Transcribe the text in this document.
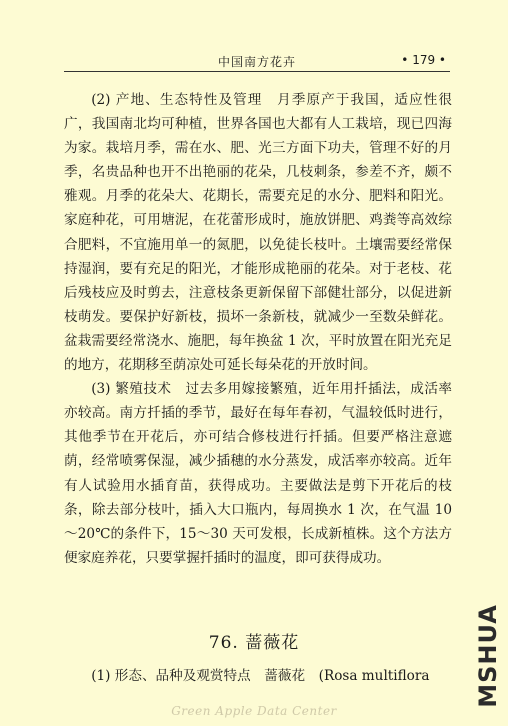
中国南方花卉	• 179 •

(2) 产地、生态特性及管理　月季原产于我国，适应性很广，我国南北均可种植，世界各国也大都有人工栽培，现已四海为家。栽培月季，需在水、肥、光三方面下功夫，管理不好的月季，名贵品种也开不出艳丽的花朵，几枝刺条，参差不齐，颇不雅观。月季的花朵大、花期长，需要充足的水分、肥料和阳光。家庭种花，可用塘泥，在花蕾形成时，施放饼肥、鸡粪等高效综合肥料，不宜施用单一的氮肥，以免徒长枝叶。土壤需要经常保持湿润，要有充足的阳光，才能形成艳丽的花朵。对于老枝、花后残枝应及时剪去，注意枝条更新保留下部健壮部分，以促进新枝萌发。要保护好新枝，损坏一条新枝，就减少一至数朵鲜花。盆栽需要经常浇水、施肥，每年换盆 1 次，平时放置在阳光充足的地方，花期移至荫凉处可延长每朵花的开放时间。

(3) 繁殖技术　过去多用嫁接繁殖，近年用扦插法，成活率亦较高。南方扦插的季节，最好在每年春初，气温较低时进行，其他季节在开花后，亦可结合修枝进行扦插。但要严格注意遮荫，经常喷雾保湿，减少插穗的水分蒸发，成活率亦较高。近年有人试验用水插育苗，获得成功。主要做法是剪下开花后的枝条，除去部分枝叶，插入大口瓶内，每周换水 1 次，在气温 10～20℃的条件下，15～30 天可发根，长成新植株。这个方法方便家庭养花，只要掌握扦插时的温度，即可获得成功。

76. 蔷薇花
(1) 形态、品种及观赏特点　蔷薇花　(Rosa multiflora	MSHUA
Green Apple Data Center
